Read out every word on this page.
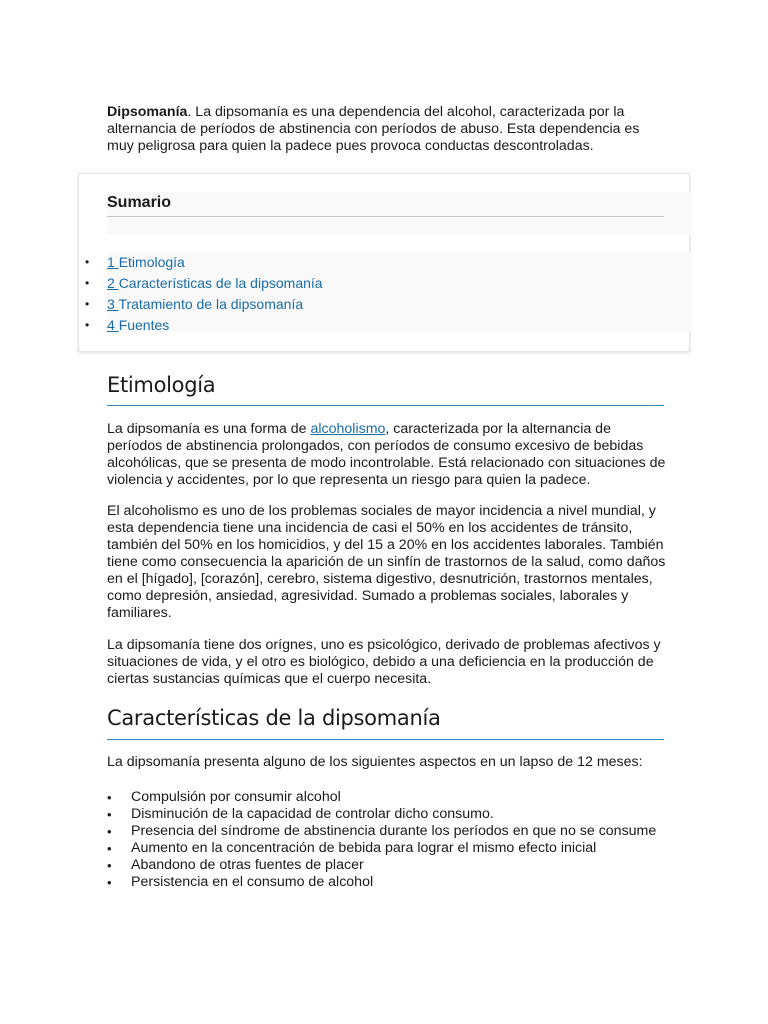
Dipsomanía. La dipsomanía es una dependencia del alcohol, caracterizada por la alternancia de períodos de abstinencia con períodos de abuso. Esta dependencia es muy peligrosa para quien la padece pues provoca conductas descontroladas.

Sumario
• 1 Etimología
• 2 Características de la dipsomanía
• 3 Tratamiento de la dipsomanía
• 4 Fuentes
Etimología

La dipsomanía es una forma de alcoholismo, caracterizada por la alternancia de períodos de abstinencia prolongados, con períodos de consumo excesivo de bebidas alcohólicas, que se presenta de modo incontrolable. Está relacionado con situaciones de violencia y accidentes, por lo que representa un riesgo para quien la padece.

El alcoholismo es uno de los problemas sociales de mayor incidencia a nivel mundial, y esta dependencia tiene una incidencia de casi el 50% en los accidentes de tránsito, también del 50% en los homicidios, y del 15 a 20% en los accidentes laborales. También tiene como consecuencia la aparición de un sinfín de trastornos de la salud, como daños en el [hígado], [corazón], cerebro, sistema digestivo, desnutrición, trastornos mentales, como depresión, ansiedad, agresividad. Sumado a problemas sociales, laborales y familiares.

La dipsomanía tiene dos orígnes, uno es psicológico, derivado de problemas afectivos y situaciones de vida, y el otro es biológico, debido a una deficiencia en la producción de ciertas sustancias químicas que el cuerpo necesita.

Características de la dipsomanía

La dipsomanía presenta alguno de los siguientes aspectos en un lapso de 12 meses:

• Compulsión por consumir alcohol
• Disminución de la capacidad de controlar dicho consumo.
• Presencia del síndrome de abstinencia durante los períodos en que no se consume
• Aumento en la concentración de bebida para lograr el mismo efecto inicial
• Abandono de otras fuentes de placer
• Persistencia en el consumo de alcohol
